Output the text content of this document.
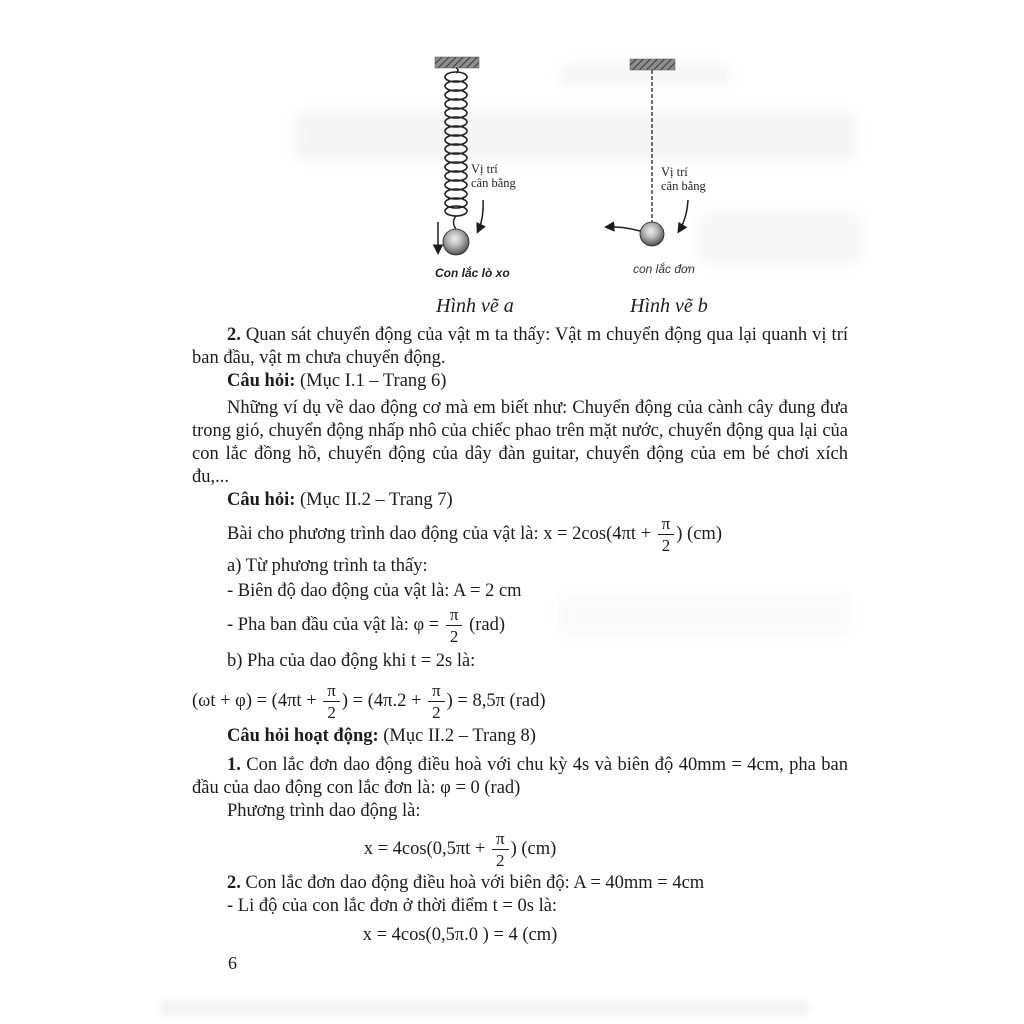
Vị trí
cân bằng
Con lắc lò xo
Hình vẽ a
Vị trí
cân bằng
con lắc đơn
Hình vẽ b

2. Quan sát chuyển động của vật m ta thấy: Vật m chuyển động qua lại quanh vị trí ban đầu, vật m chưa chuyển động.

Câu hỏi: (Mục I.1 – Trang 6)

Những ví dụ về dao động cơ mà em biết như: Chuyển động của cành cây đung đưa trong gió, chuyển động nhấp nhô của chiếc phao trên mặt nước, chuyển động qua lại của con lắc đồng hồ, chuyển động của dây đàn guitar, chuyển động của em bé chơi xích đu,...

Câu hỏi: (Mục II.2 – Trang 7)

Bài cho phương trình dao động của vật là: $x = 2\cos(4\pi t + \frac{\pi}{2}$ ) (cm)

a) Từ phương trình ta thấy:

- Biên độ dao động của vật là: A = 2 cm

- Pha ban đầu của vật là: $\varphi = \frac{\pi}{2} (rad)$

b) Pha của dao động khi t = 2s là:

$(\omega t + \varphi) = (4\pi t + \frac{\pi}{2}$ ) = ($4\pi.2 + \frac{\pi}{2}$ ) = 8,5π (rad)

Câu hỏi hoạt động: (Mục II.2 – Trang 8)

1. Con lắc đơn dao động điều hoà với chu kỳ 4s và biên độ 40mm = 4cm, pha ban đầu của dao động con lắc đơn là: φ = 0 (rad)

Phương trình dao động là:

$x = 4\cos(0,5\pi t + \frac{\pi}{2}$ ) (cm)

2. Con lắc đơn dao động điều hoà với biên độ: A = 40mm = 4cm

- Li độ của con lắc đơn ở thời điểm t = 0s là:

x = 4cos(0,5π.0 ) = 4 (cm)

6
